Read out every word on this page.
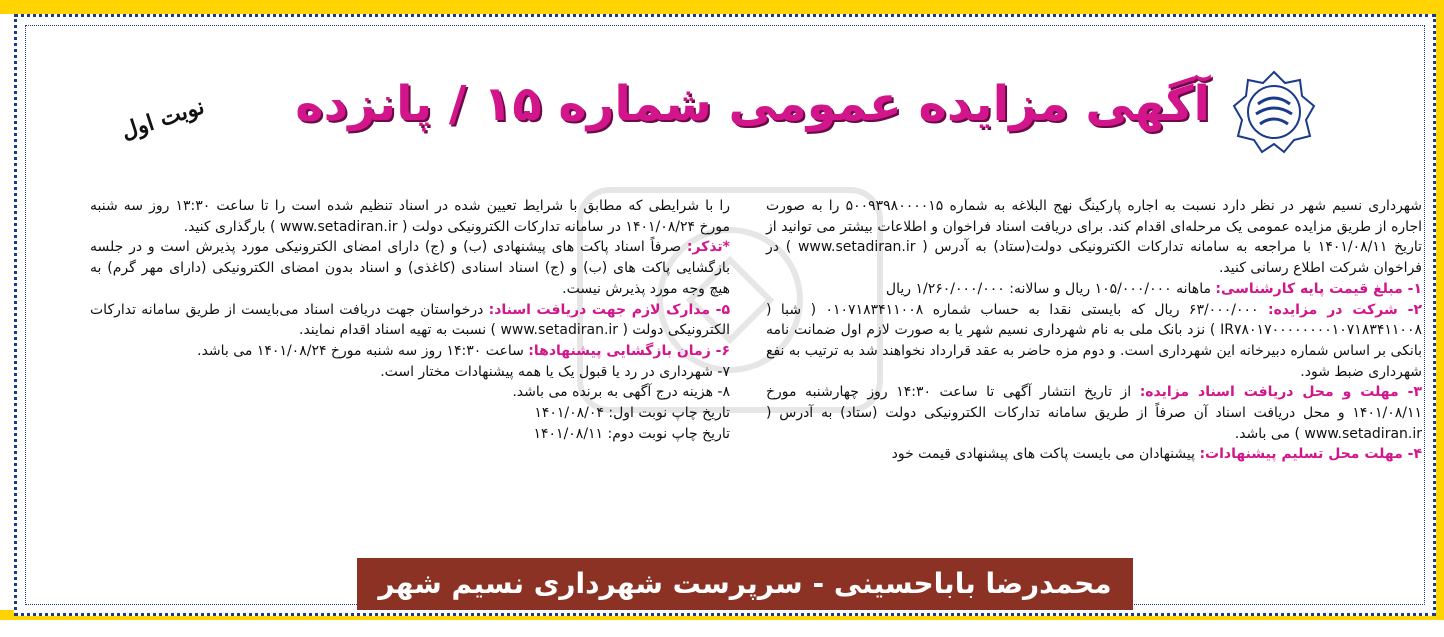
آگهی مزایده عمومی شماره ۱۵ / پانزده
نوبت اول

شهرداری نسیم شهر در نظر دارد نسبت به اجاره پارکینگ نهج البلاغه به شماره ۵۰۰۹۳۹۸۰۰۰۰۱۵ را به صورت اجاره از طریق مزایده عمومی یک مرحله‌ای اقدام کند. برای دریافت اسناد فراخوان و اطلاعات بیشتر می توانید از تاریخ ۱۴۰۱/۰۸/۱۱ با مراجعه به سامانه تدارکات الکترونیکی دولت(ستاد) به آدرس ( www.setadiran.ir ) در فراخوان شرکت اطلاع رسانی کنید.

۱- مبلغ قیمت پایه کارشناسی: ماهانه ۱۰۵/۰۰۰/۰۰۰ ریال و سالانه: ۱/۲۶۰/۰۰۰/۰۰۰ ریال

۲- شرکت در مزایده: ۶۳/۰۰۰/۰۰۰ ریال که بایستی نقدا به حساب شماره ۰۱۰۷۱۸۳۴۱۱۰۰۸ ( شبا ( IR۷۸۰۱۷۰۰۰۰۰۰۰۰۱۰۷۱۸۳۴۱۱۰۰۸ ) نزد بانک ملی به نام شهرداری نسیم شهر یا به صورت لازم اول ضمانت نامه بانکی بر اساس شماره دبیرخانه این شهرداری است. و دوم مزه حاضر به عقد قرارداد نخواهند شد به ترتیب به نفع شهرداری ضبط شود.

۳- مهلت و محل دریافت اسناد مزایده: از تاریخ انتشار آگهی تا ساعت ۱۴:۳۰ روز چهارشنبه مورخ ۱۴۰۱/۰۸/۱۱ و محل دریافت اسناد آن صرفاً از طریق سامانه تدارکات الکترونیکی دولت (ستاد) به آدرس ( www.setadiran.ir ) می باشد.

۴- مهلت محل تسلیم پیشنهادات: پیشنهادان می بایست پاکت های پیشنهادی قیمت خود

را با شرایطی که مطابق با شرایط تعیین شده در اسناد تنظیم شده است را تا ساعت ۱۳:۳۰ روز سه شنبه مورخ ۱۴۰۱/۰۸/۲۴ در سامانه تدارکات الکترونیکی دولت ( www.setadiran.ir ) بارگذاری کنید.

*تذکر: صرفاً اسناد پاکت های پیشنهادی (ب) و (ج) دارای امضای الکترونیکی مورد پذیرش است و در جلسه بازگشایی پاکت های (ب) و (ج) اسناد اسنادی (کاغذی) و اسناد بدون امضای الکترونیکی (دارای مهر گرم) به هیچ وجه مورد پذیرش نیست.

۵- مدارک لازم جهت دریافت اسناد: درخواستان جهت دریافت اسناد می‌بایست از طریق سامانه تدارکات الکترونیکی دولت ( www.setadiran.ir ) نسبت به تهیه اسناد اقدام نمایند.

۶- زمان بازگشایی پیشنهادها: ساعت ۱۴:۳۰ روز سه شنبه مورخ ۱۴۰۱/۰۸/۲۴ می باشد.

۷- شهرداری در رد یا قبول یک یا همه پیشنهادات مختار است.

۸- هزینه درج آگهی به برنده می باشد.

تاریخ چاپ نوبت اول: ۱۴۰۱/۰۸/۰۴

تاریخ چاپ نوبت دوم: ۱۴۰۱/۰۸/۱۱

محمدرضا باباحسینی - سرپرست شهرداری نسیم شهر
